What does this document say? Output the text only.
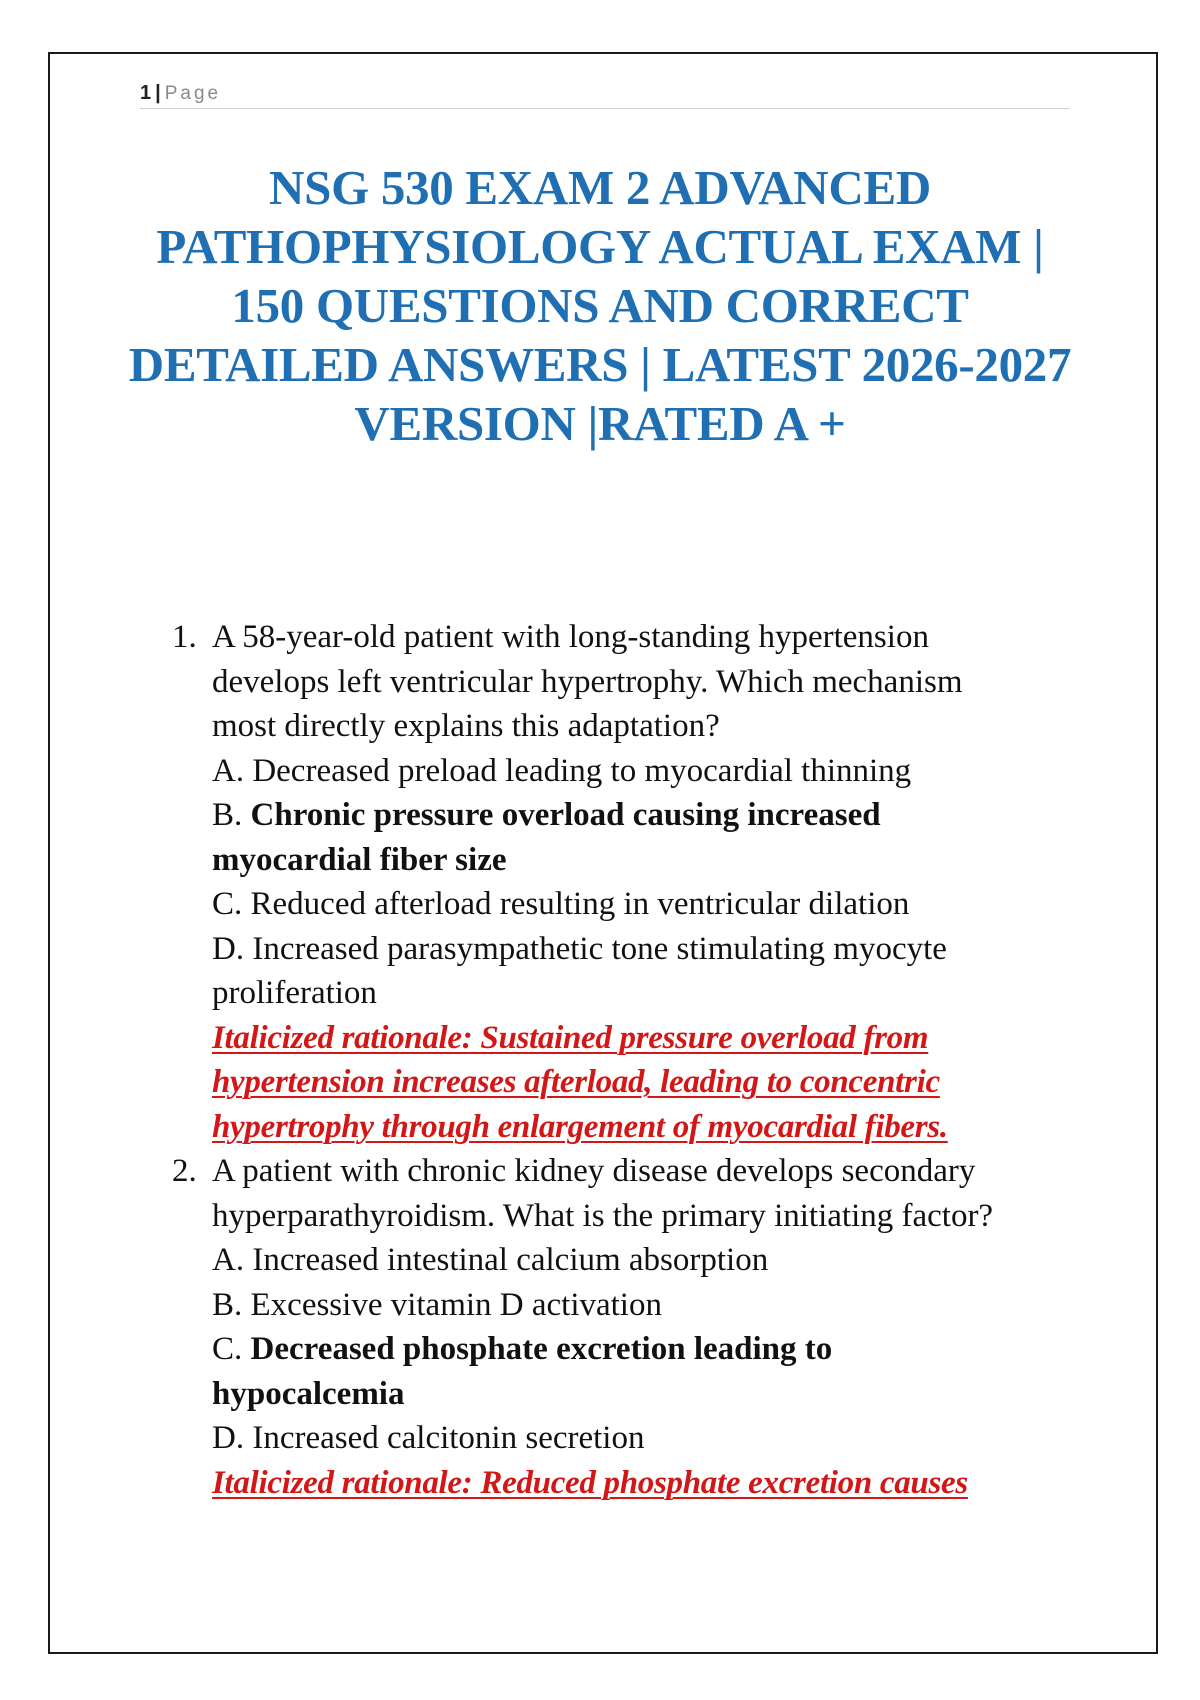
1 | Page
NSG 530 EXAM 2 ADVANCED
PATHOPHYSIOLOGY ACTUAL EXAM |
150 QUESTIONS AND CORRECT
DETAILED ANSWERS | LATEST 2026-2027
VERSION |RATED A +
1. A 58-year-old patient with long-standing hypertension
develops left ventricular hypertrophy. Which mechanism
most directly explains this adaptation?
A. Decreased preload leading to myocardial thinning
B. Chronic pressure overload causing increased
myocardial fiber size
C. Reduced afterload resulting in ventricular dilation
D. Increased parasympathetic tone stimulating myocyte
proliferation
Italicized rationale: Sustained pressure overload from
hypertension increases afterload, leading to concentric
hypertrophy through enlargement of myocardial fibers.
2. A patient with chronic kidney disease develops secondary
hyperparathyroidism. What is the primary initiating factor?
A. Increased intestinal calcium absorption
B. Excessive vitamin D activation
C. Decreased phosphate excretion leading to
hypocalcemia
D. Increased calcitonin secretion
Italicized rationale: Reduced phosphate excretion causes
